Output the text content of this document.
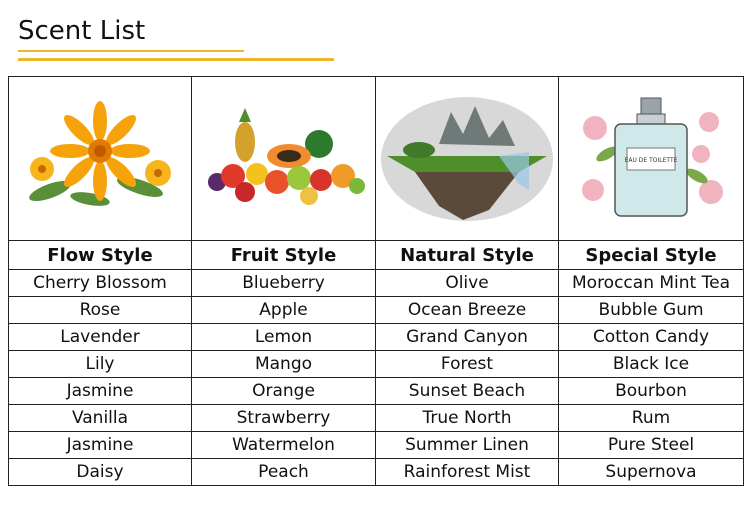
Scent List

EAU DE TOILETTE

Flow Style	Fruit Style	Natural Style	Special Style
Cherry Blossom	Blueberry	Olive	Moroccan Mint Tea
Rose	Apple	Ocean Breeze	Bubble Gum
Lavender	Lemon	Grand Canyon	Cotton Candy
Lily	Mango	Forest	Black Ice
Jasmine	Orange	Sunset Beach	Bourbon
Vanilla	Strawberry	True North	Rum
Jasmine	Watermelon	Summer Linen	Pure Steel
Daisy	Peach	Rainforest Mist	Supernova
